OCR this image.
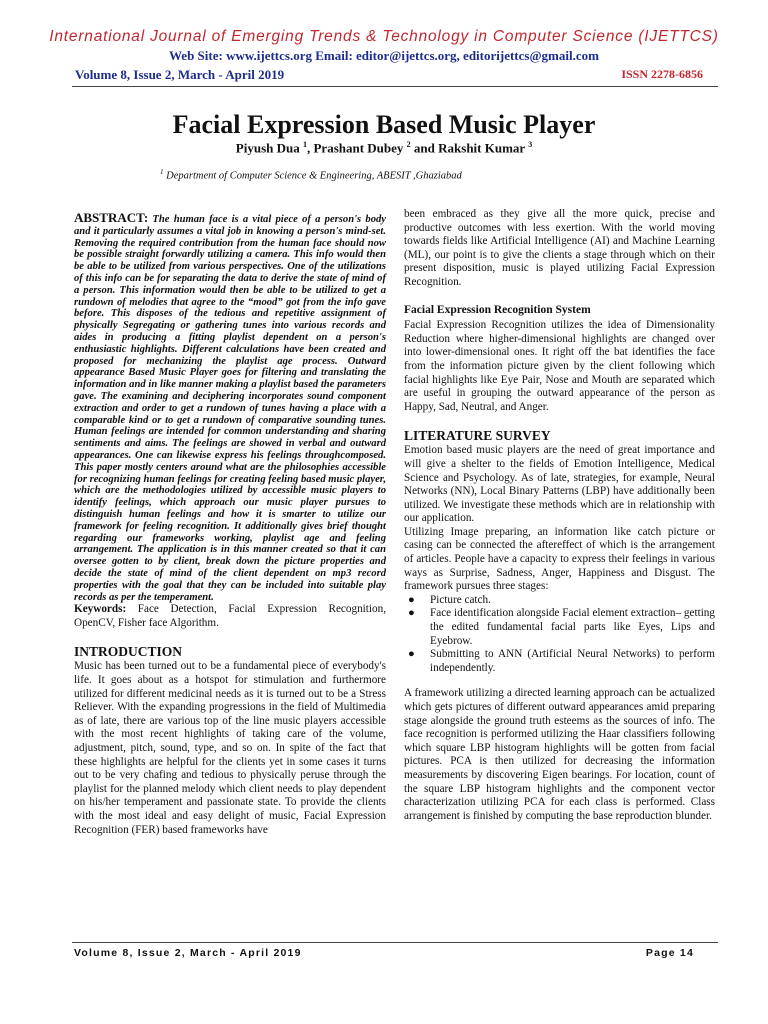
International Journal of Emerging Trends & Technology in Computer Science (IJETTCS)
Web Site: www.ijettcs.org Email: editor@ijettcs.org, editorijettcs@gmail.com
Volume 8, Issue 2, March - April 2019	ISSN 2278-6856
Facial Expression Based Music Player
Piyush Dua $^1$, Prashant Dubey $^2$ and Rakshit Kumar $^3$
$^1$ Department of Computer Science & Engineering, ABESIT ,Ghaziabad

ABSTRACT: The human face is a vital piece of a person's body and it particularly assumes a vital job in knowing a person's mind-set. Removing the required contribution from the human face should now be possible straight forwardly utilizing a camera. This info would then be able to be utilized from various perspectives. One of the utilizations of this info can be for separating the data to derive the state of mind of a person. This information would then be able to be utilized to get a rundown of melodies that agree to the “mood” got from the info gave before. This disposes of the tedious and repetitive assignment of physically Segregating or gathering tunes into various records and aides in producing a fitting playlist dependent on a person's enthusiastic highlights. Different calculations have been created and proposed for mechanizing the playlist age process. Outward appearance Based Music Player goes for filtering and translating the information and in like manner making a playlist based the parameters gave. The examining and deciphering incorporates sound component extraction and order to get a rundown of tunes having a place with a comparable kind or to get a rundown of comparative sounding tunes. Human feelings are intended for common understanding and sharing sentiments and aims. The feelings are showed in verbal and outward appearances. One can likewise express his feelings throughcomposed. This paper mostly centers around what are the philosophies accessible for recognizing human feelings for creating feeling based music player, which are the methodologies utilized by accessible music players to identify feelings, which approach our music player pursues to distinguish human feelings and how it is smarter to utilize our framework for feeling recognition. It additionally gives brief thought regarding our frameworks working, playlist age and feeling arrangement. The application is in this manner created so that it can oversee gotten to by client, break down the picture properties and decide the state of mind of the client dependent on mp3 record properties with the goal that they can be included into suitable play records as per the temperament.

Keywords: Face Detection, Facial Expression Recognition, OpenCV, Fisher face Algorithm.

INTRODUCTION

Music has been turned out to be a fundamental piece of everybody's life. It goes about as a hotspot for stimulation and furthermore utilized for different medicinal needs as it is turned out to be a Stress Reliever. With the expanding progressions in the field of Multimedia as of late, there are various top of the line music players accessible with the most recent highlights of taking care of the volume, adjustment, pitch, sound, type, and so on. In spite of the fact that these highlights are helpful for the clients yet in some cases it turns out to be very chafing and tedious to physically peruse through the playlist for the planned melody which client needs to play dependent on his/her temperament and passionate state. To provide the clients with the most ideal and easy delight of music, Facial Expression Recognition (FER) based frameworks have

been embraced as they give all the more quick, precise and productive outcomes with less exertion. With the world moving towards fields like Artificial Intelligence (AI) and Machine Learning (ML), our point is to give the clients a stage through which on their present disposition, music is played utilizing Facial Expression Recognition.

Facial Expression Recognition System

Facial Expression Recognition utilizes the idea of Dimensionality Reduction where higher-dimensional highlights are changed over into lower-dimensional ones. It right off the bat identifies the face from the information picture given by the client following which facial highlights like Eye Pair, Nose and Mouth are separated which are useful in grouping the outward appearance of the person as Happy, Sad, Neutral, and Anger.

LITERATURE SURVEY

Emotion based music players are the need of great importance and will give a shelter to the fields of Emotion Intelligence, Medical Science and Psychology. As of late, strategies, for example, Neural Networks (NN), Local Binary Patterns (LBP) have additionally been utilized. We investigate these methods which are in relationship with our application.

Utilizing Image preparing, an information like catch picture or casing can be connected the aftereffect of which is the arrangement of articles. People have a capacity to express their feelings in various ways as Surprise, Sadness, Anger, Happiness and Disgust. The framework pursues three stages:

● Picture catch.
● Face identification alongside Facial element extraction– getting the edited fundamental facial parts like Eyes, Lips and Eyebrow.
● Submitting to ANN (Artificial Neural Networks) to perform independently.

A framework utilizing a directed learning approach can be actualized which gets pictures of different outward appearances amid preparing stage alongside the ground truth esteems as the sources of info. The face recognition is performed utilizing the Haar classifiers following which square LBP histogram highlights will be gotten from facial pictures. PCA is then utilized for decreasing the information measurements by discovering Eigen bearings. For location, count of the square LBP histogram highlights and the component vector characterization utilizing PCA for each class is performed. Class arrangement is finished by computing the base reproduction blunder.

Volume 8, Issue 2, March - April 2019	Page 14
